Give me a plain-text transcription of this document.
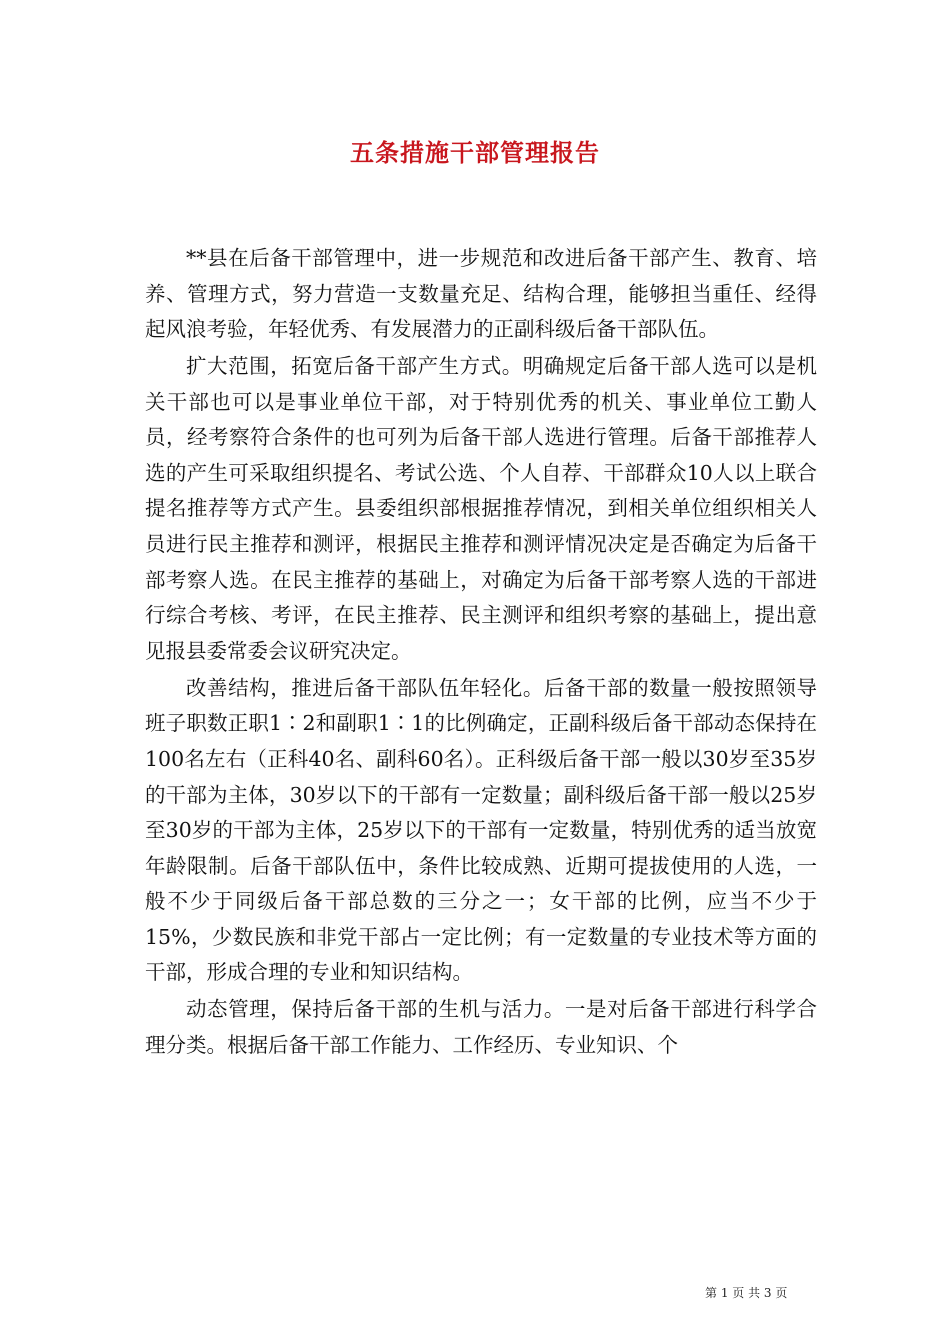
五条措施干部管理报告

**县在后备干部管理中，进一步规范和改进后备干部产生、教育、培养、管理方式，努力营造一支数量充足、结构合理，能够担当重任、经得起风浪考验，年轻优秀、有发展潜力的正副科级后备干部队伍。

扩大范围，拓宽后备干部产生方式。明确规定后备干部人选可以是机关干部也可以是事业单位干部，对于特别优秀的机关、事业单位工勤人员，经考察符合条件的也可列为后备干部人选进行管理。后备干部推荐人选的产生可采取组织提名、考试公选、个人自荐、干部群众10人以上联合提名推荐等方式产生。县委组织部根据推荐情况，到相关单位组织相关人员进行民主推荐和测评，根据民主推荐和测评情况决定是否确定为后备干部考察人选。在民主推荐的基础上，对确定为后备干部考察人选的干部进行综合考核、考评，在民主推荐、民主测评和组织考察的基础上，提出意见报县委常委会议研究决定。

改善结构，推进后备干部队伍年轻化。后备干部的数量一般按照领导班子职数正职1∶2和副职1∶1的比例确定，正副科级后备干部动态保持在100名左右（正科40名、副科60名）。正科级后备干部一般以30岁至35岁的干部为主体，30岁以下的干部有一定数量；副科级后备干部一般以25岁至30岁的干部为主体，25岁以下的干部有一定数量，特别优秀的适当放宽年龄限制。后备干部队伍中，条件比较成熟、近期可提拔使用的人选，一般不少于同级后备干部总数的三分之一；女干部的比例，应当不少于15%，少数民族和非党干部占一定比例；有一定数量的专业技术等方面的干部，形成合理的专业和知识结构。

动态管理，保持后备干部的生机与活力。一是对后备干部进行科学合理分类。根据后备干部工作能力、工作经历、专业知识、个

第 1 页 共 3 页
